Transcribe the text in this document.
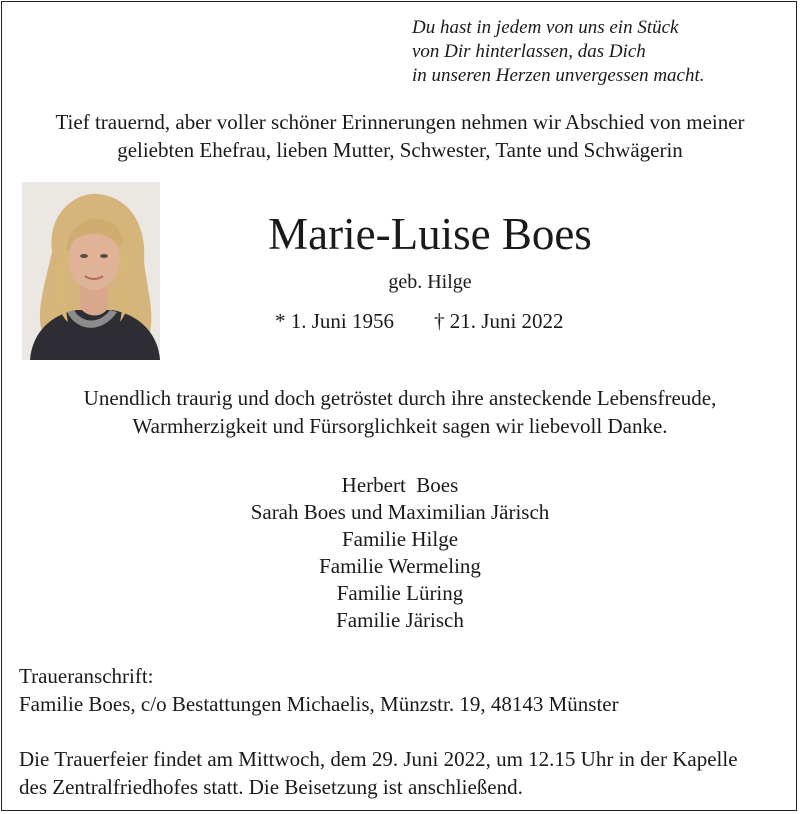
Du hast in jedem von uns ein Stück
von Dir hinterlassen, das Dich
in unseren Herzen unvergessen macht.
Tief trauernd, aber voller schöner Erinnerungen nehmen wir Abschied von meiner
geliebten Ehefrau, lieben Mutter, Schwester, Tante und Schwägerin
Marie-Luise Boes
geb. Hilge
* 1. Juni 1956 † 21. Juni 2022
Unendlich traurig und doch getröstet durch ihre ansteckende Lebensfreude,
Warmherzigkeit und Fürsorglichkeit sagen wir liebevoll Danke.
Herbert  Boes
Sarah Boes und Maximilian Järisch
Familie Hilge
Familie Wermeling
Familie Lüring
Familie Järisch
Traueranschrift:
Familie Boes, c/o Bestattungen Michaelis, Münzstr. 19, 48143 Münster
Die Trauerfeier findet am Mittwoch, dem 29. Juni 2022, um 12.15 Uhr in der Kapelle
des Zentralfriedhofes statt. Die Beisetzung ist anschließend.
